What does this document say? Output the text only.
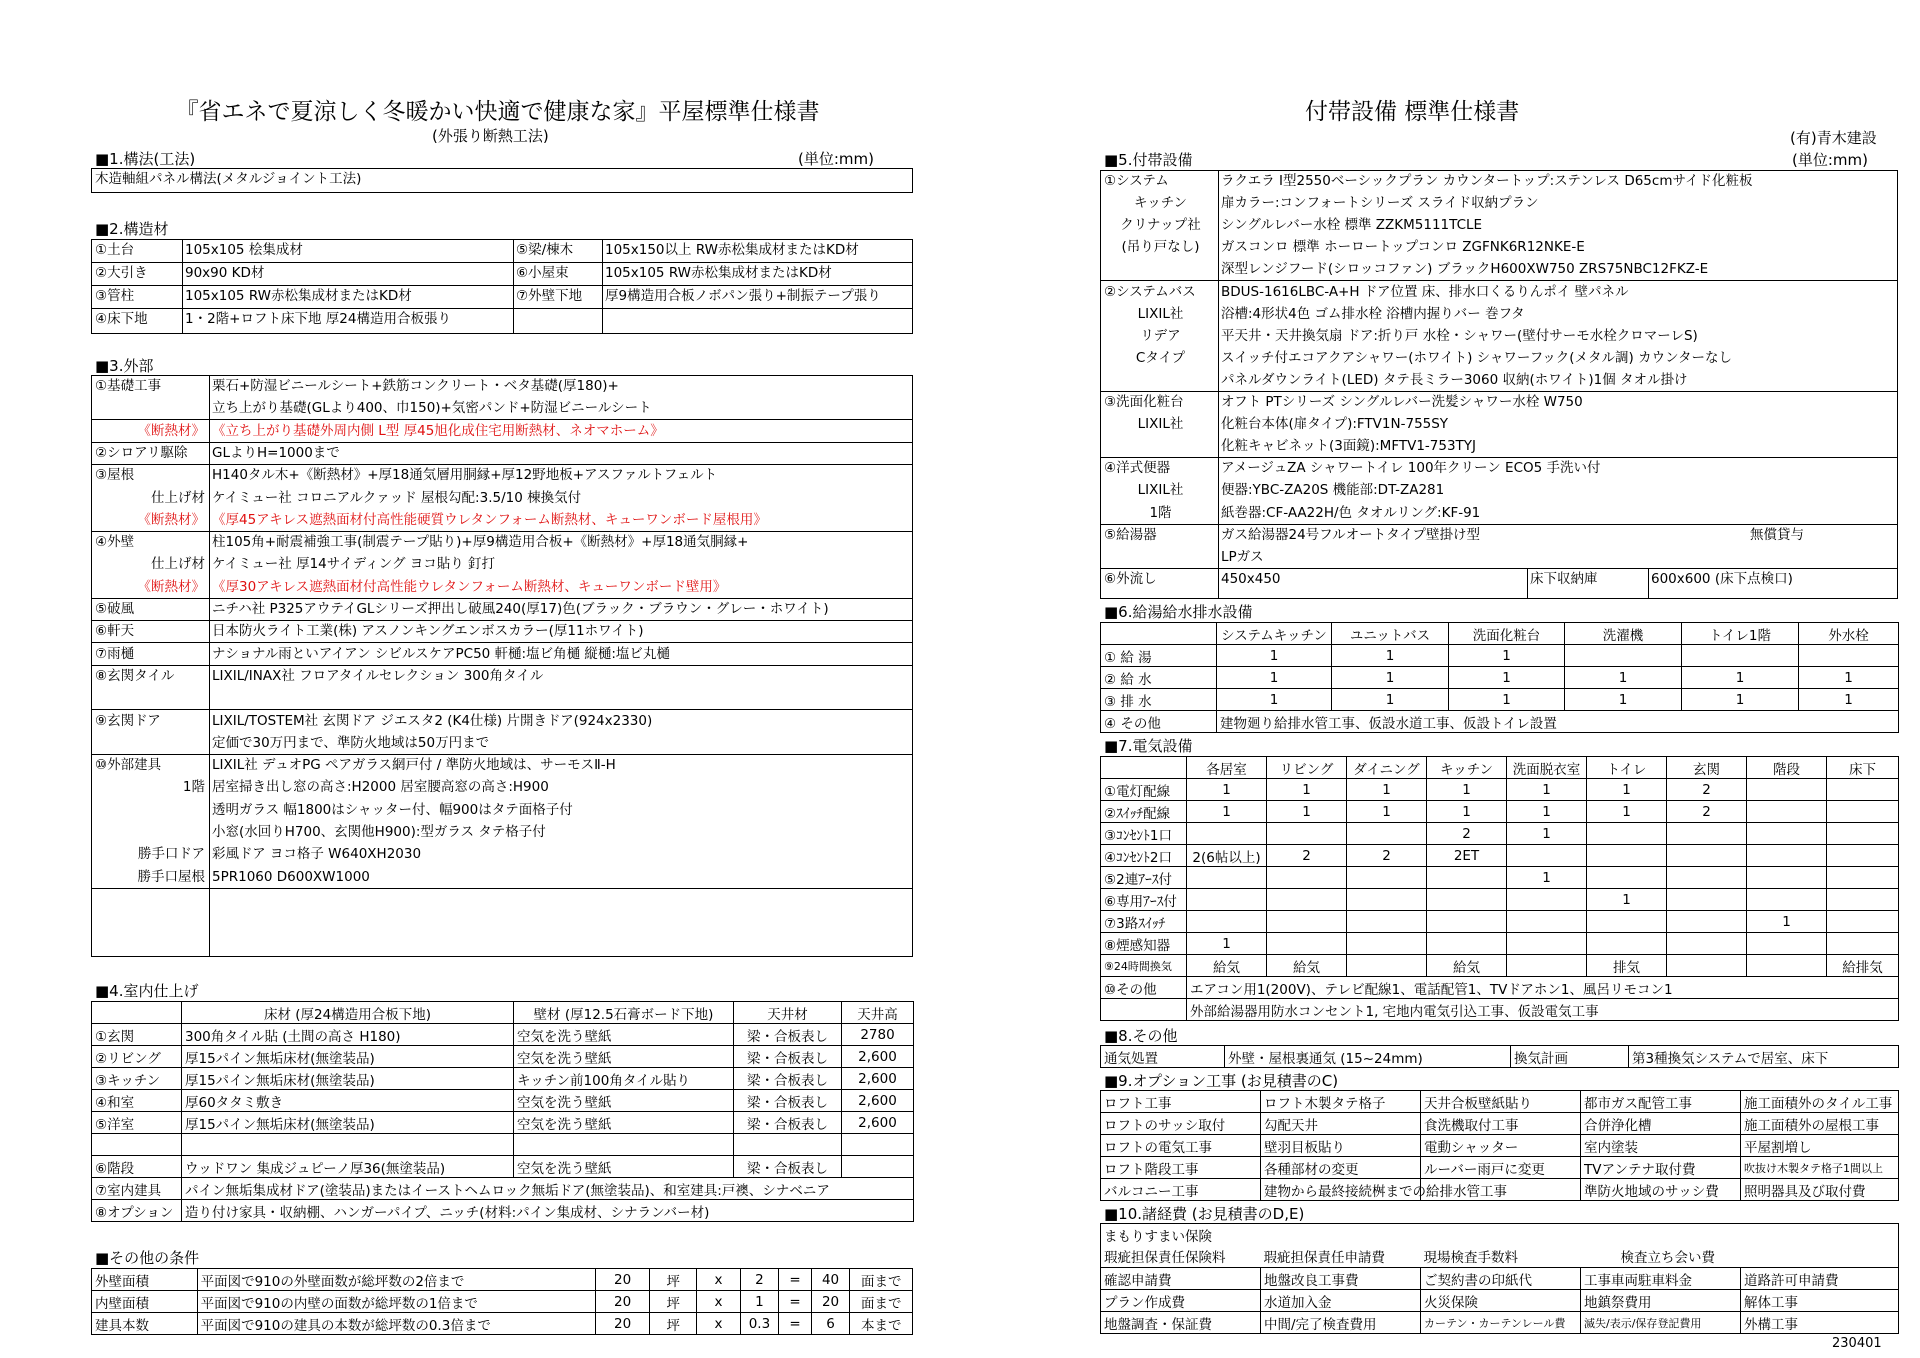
『省エネで夏涼しく冬暖かい快適で健康な家』平屋標準仕様書
(外張り断熱工法)
■1.構法(工法)	(単位:mm)
木造軸組パネル構法(メタルジョイント工法)
■2.構造材
①土台	105x105 桧集成材	⑤梁/棟木	105x150以上 RW赤松集成材またはKD材
②大引き	90x90 KD材	⑥小屋束	105x105 RW赤松集成材またはKD材
③管柱	105x105 RW赤松集成材またはKD材	⑦外壁下地	厚9構造用合板ノボパン張り+制振テープ張り
④床下地	1・2階+ロフト床下地 厚24構造用合板張り
■3.外部
①基礎工事	栗石+防湿ビニールシート+鉄筋コンクリート・ベタ基礎(厚180)+
立ち上がり基礎(GLより400、巾150)+気密パンド+防湿ビニールシート
《断熱材》 《立ち上がり基礎外周内側 L型 厚45旭化成住宅用断熱材、ネオマホーム》
②シロアリ駆除	GLよりH=1000まで
③屋根	H140タル木+《断熱材》+厚18通気層用胴縁+厚12野地板+アスファルトフェルト
仕上げ材 ケイミュー社 コロニアルクァッド 屋根勾配:3.5/10 棟換気付
《断熱材》 《厚45アキレス遮熱面材付高性能硬質ウレタンフォーム断熱材、キューワンボード屋根用》
④外壁	柱105角+耐震補強工事(制震テープ貼り)+厚9構造用合板+《断熱材》+厚18通気胴縁+
仕上げ材 ケイミュー社 厚14サイディング ヨコ貼り 釘打
《断熱材》 《厚30アキレス遮熱面材付高性能ウレタンフォーム断熱材、キューワンボード壁用》
⑤破風	ニチハ社 P325アウテイGLシリーズ押出し破風240(厚17)色(ブラック・ブラウン・グレー・ホワイト)
⑥軒天	日本防火ライト工業(株) アスノンキングエンボスカラー(厚11ホワイト)
⑦雨樋	ナショナル雨といアイアン シビルスケアPC50 軒樋:塩ビ角樋 縦樋:塩ビ丸樋
⑧玄関タイル	LIXIL/INAX社 フロアタイルセレクション 300角タイル
⑨玄関ドア	LIXIL/TOSTEM社 玄関ドア ジエスタ2 (K4仕様) 片開きドア(924x2330)
定価で30万円まで、準防火地域は50万円まで
⑩外部建具	LIXIL社 デュオPG ペアガラス網戸付 / 準防火地域は、サーモスⅡ-H
1階 居室掃き出し窓の高さ:H2000 居室腰高窓の高さ:H900
透明ガラス 幅1800はシャッター付、幅900はタテ面格子付
小窓(水回りH700、玄関他H900):型ガラス タテ格子付
勝手口ドア 彩風ドア ヨコ格子 W640XH2030
勝手口屋根 5PR1060 D600XW1000
■4.室内仕上げ
	床材 (厚24構造用合板下地)	壁材 (厚12.5石膏ボード下地)	天井材	天井高
①玄関	300角タイル貼 (土間の高さ H180)	空気を洗う壁紙	梁・合板表し	2780
②リビング	厚15パイン無垢床材(無塗装品)	空気を洗う壁紙	梁・合板表し	2,600
③キッチン	厚15パイン無垢床材(無塗装品)	キッチン前100角タイル貼り	梁・合板表し	2,600
④和室	厚60タタミ敷き	空気を洗う壁紙	梁・合板表し	2,600
⑤洋室	厚15パイン無垢床材(無塗装品)	空気を洗う壁紙	梁・合板表し	2,600

⑥階段	ウッドワン 集成ジュピーノ厚36(無塗装品)	空気を洗う壁紙	梁・合板表し	
⑦室内建具	パイン無垢集成材ドア(塗装品)またはイーストヘムロック無垢ドア(無塗装品)、和室建具:戸襖、シナベニア			
⑧オプション	造り付け家具・収納棚、ハンガーパイプ、ニッチ(材料:パイン集成材、シナランバー材)			
■その他の条件
外壁面積	平面図で910の外壁面数が総坪数の2倍まで	20	坪	x	2	=	40	面まで
内壁面積	平面図で910の内壁の面数が総坪数の1倍まで	20	坪	x	1	=	20	面まで
建具本数	平面図で910の建具の本数が総坪数の0.3倍まで	20	坪	x	0.3	=	6	本まで
付帯設備 標準仕様書
(有)青木建設
■5.付帯設備	(単位:mm)
①システム	ラクエラ I型2550ベーシックプラン カウンタートップ:ステンレス D65cmサイド化粧板
キッチン	扉カラー:コンフォートシリーズ スライド収納プラン
クリナップ社	シングルレバー水栓 標準 ZZKM5111TCLE
(吊り戸なし)	ガスコンロ 標準 ホーロートップコンロ ZGFNK6R12NKE-E
深型レンジフード(シロッコファン) ブラックH600XW750 ZRS75NBC12FKZ-E
②システムバス	BDUS-1616LBC-A+H ドア位置 床、排水口くるりんポイ 壁パネル
LIXIL社	浴槽:4形状4色 ゴム排水栓 浴槽内握りバー 巻フタ
リデア	平天井・天井換気扇 ドア:折り戸 水栓・シャワー(壁付サーモ水栓クロマーレS)
Cタイプ	スイッチ付エコアクアシャワー(ホワイト) シャワーフック(メタル調) カウンターなし
パネルダウンライト(LED) タテ長ミラー3060 収納(ホワイト)1個 タオル掛け
③洗面化粧台	オフト PTシリーズ シングルレバー洗髪シャワー水栓 W750
LIXIL社	化粧台本体(扉タイプ):FTV1N-755SY
化粧キャビネット(3面鏡):MFTV1-753TYJ
④洋式便器	アメージュZA シャワートイレ 100年クリーン ECO5 手洗い付
LIXIL社	便器:YBC-ZA20S 機能部:DT-ZA281
1階	紙巻器:CF-AA22H/色 タオルリング:KF-91
⑤給湯器	ガス給湯器24号フルオートタイプ壁掛け型	無償貸与
LPガス
⑥外流し	450x450	床下収納庫	600x600 (床下点検口)
■6.給湯給水排水設備
	システムキッチン	ユニットバス	洗面化粧台	洗濯機	トイレ1階	外水栓
① 給 湯	1	1	1			
② 給 水	1	1	1	1	1	1
③ 排 水	1	1	1	1	1	1
④ その他	建物廻り給排水管工事、仮設水道工事、仮設トイレ設置					
■7.電気設備
	各居室	リビング	ダイニング	キッチン	洗面脱衣室	トイレ	玄関	階段	床下
①電灯配線	1	1	1	1	1	1	2		
②ｽｲｯﾁ配線	1	1	1	1	1	1	2		
③ｺﾝｾﾝﾄ1口				2	1				
④ｺﾝｾﾝﾄ2口	2(6帖以上)	2	2	2ET					
⑤2連ｱｰｽ付					1				
⑥専用ｱｰｽ付						1			
⑦3路ｽｲｯﾁ								1	
⑧煙感知器	1								
⑨24時間換気	給気	給気		給気		排気			給排気
⑩その他	エアコン用1(200V)、テレビ配線1、電話配管1、TVドアホン1、風呂リモコン1								
	外部給湯器用防水コンセント1, 宅地内電気引込工事、仮設電気工事								
■8.その他
通気処置	外壁・屋根裏通気 (15~24mm)	換気計画	第3種換気システムで居室、床下
■9.オプション工事 (お見積書のC)
ロフト工事	ロフト木製タテ格子	天井合板壁紙貼り	都市ガス配管工事	施工面積外のタイル工事
ロフトのサッシ取付	勾配天井	食洗機取付工事	合併浄化槽	施工面積外の屋根工事
ロフトの電気工事	壁羽目板貼り	電動シャッター	室内塗装	平屋割増し
ロフト階段工事	各種部材の変更	ルーバー雨戸に変更	TVアンテナ取付費	吹抜け木製タテ格子1間以上
バルコニー工事	建物から最終接続桝までの給排水管工事		準防火地域のサッシ費	照明器具及び取付費
■10.諸経費 (お見積書のD,E)
まもりすまい保険				
瑕疵担保責任保険料	瑕疵担保責任申請費	現場検査手数料	検査立ち会い費	
確認申請費	地盤改良工事費	ご契約書の印紙代	工事車両駐車料金	道路許可申請費
プラン作成費	水道加入金	火災保険	地鎮祭費用	解体工事
地盤調査・保証費	中間/完了検査費用	カーテン・カーテンレール費	滅失/表示/保存登記費用	外構工事
230401
